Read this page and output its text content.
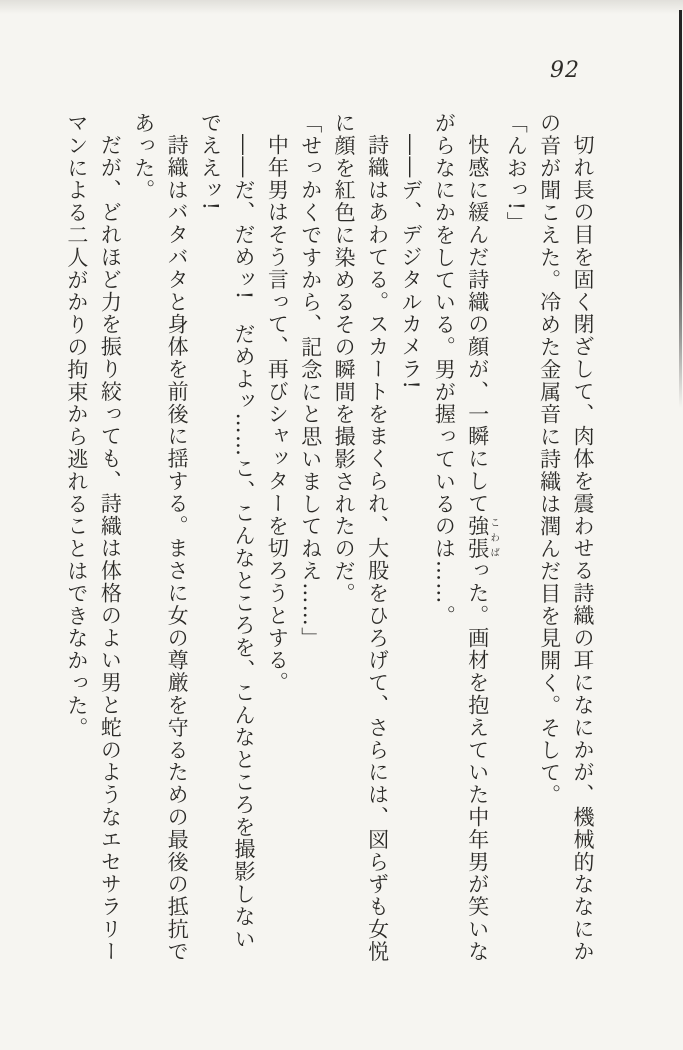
92

切れ長の目を固く閉ざして、肉体を震わせる詩織の耳になにかが、機械的ななにかの音が聞こえた。冷めた金属音に詩織は潤んだ目を見開く。そして。

「んおっ!」

快感に緩んだ詩織の顔が、一瞬にして強張こわばった。画材を抱えていた中年男が笑いながらなにかをしている。男が握っているのは……。

――デ、デジタルカメラ!

詩織はあわてる。スカートをまくられ、大股をひろげて、さらには、図らずも女悦に顔を紅色に染めるその瞬間を撮影されたのだ。

「せっかくですから、記念にと思いましてねえ……」

中年男はそう言って、再びシャッターを切ろうとする。

――だ、だめッ!　だめよッ……こ、こんなところを、こんなところを撮影しないでええッ!

詩織はバタバタと身体を前後に揺する。まさに女の尊厳を守るための最後の抵抗であった。

だが、どれほど力を振り絞っても、詩織は体格のよい男と蛇のようなエセサラリーマンによる二人がかりの拘束から逃れることはできなかった。
